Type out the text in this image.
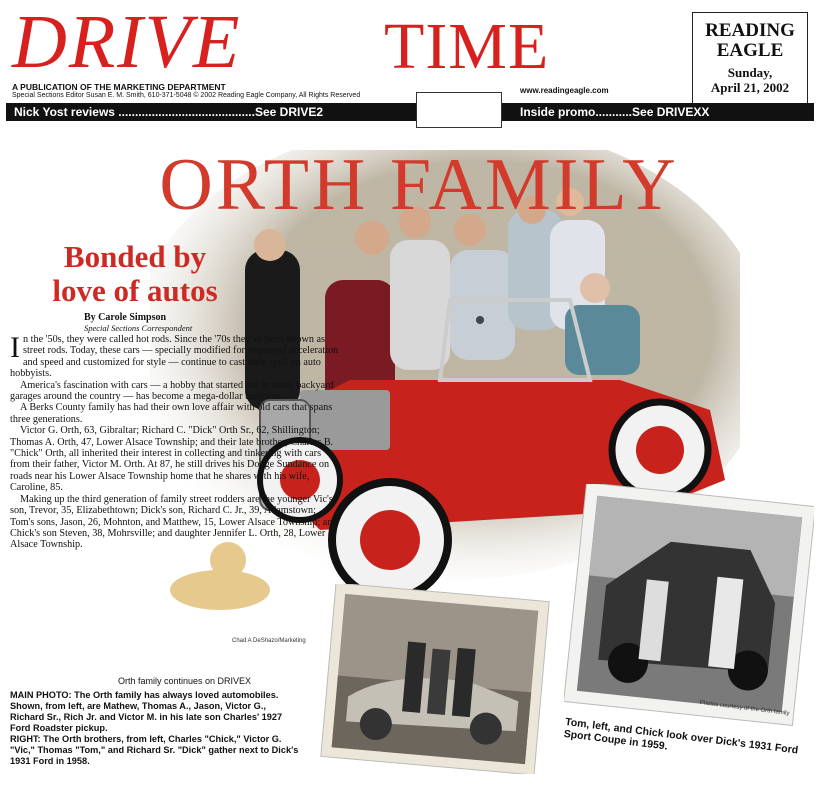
DRIVE TIME
A PUBLICATION OF THE MARKETING DEPARTMENT
Special Sections Editor Susan E. M. Smith, 610-371-5048 © 2002 Reading Eagle Company, All Rights Reserved
www.readingeagle.com
READING
EAGLE
Sunday,
April 21, 2002
Nick Yost reviews .........................................See DRIVE2	Inside promo...........See DRIVEXX
ORTH FAMILY
Bonded by
love of autos
By Carole Simpson
Special Sections Correspondent

In the '50s, they were called hot rods. Since the '70s they've been known as street rods. Today, these cars — specially modified for improved acceleration and speed and customized for style — continue to cast their spell on auto hobbyists.

America's fascination with cars — a hobby that started out in small backyard garages around the country — has become a mega-dollar business.

A Berks County family has had their own love affair with old cars that spans three generations.

Victor G. Orth, 63, Gibraltar; Richard C. "Dick" Orth Sr., 62, Shillington; Thomas A. Orth, 47, Lower Alsace Township; and their late brother, Charles B. "Chick" Orth, all inherited their interest in collecting and tinkering with cars from their father, Victor M. Orth. At 87, he still drives his Dodge Sundance on roads near his Lower Alsace Township home that he shares with his wife, Caroline, 85.

Making up the third generation of family street rodders are the younger Vic's son, Trevor, 35, Elizabethtown; Dick's son, Richard C. Jr., 39, Adamstown; Tom's sons, Jason, 26, Mohnton, and Matthew, 15, Lower Alsace Township; and Chick's son Steven, 38, Mohrsville; and daughter Jennifer L. Orth, 28, Lower Alsace Township.

Chad A DeShazo/Marketing
Orth family continues on DRIVEX
MAIN PHOTO: The Orth family has always loved automobiles. Shown, from left, are Mathew, Thomas A., Jason, Victor G., Richard Sr., Rich Jr. and Victor M. in his late son Charles' 1927 Ford Roadster pickup.
RIGHT: The Orth brothers, from left, Charles "Chick," Victor G. "Vic," Thomas "Tom," and Richard Sr. "Dick" gather next to Dick's 1931 Ford in 1958.
Photos courtesy of the Orth family
Tom, left, and Chick look over Dick's 1931 Ford Sport Coupe in 1959.
